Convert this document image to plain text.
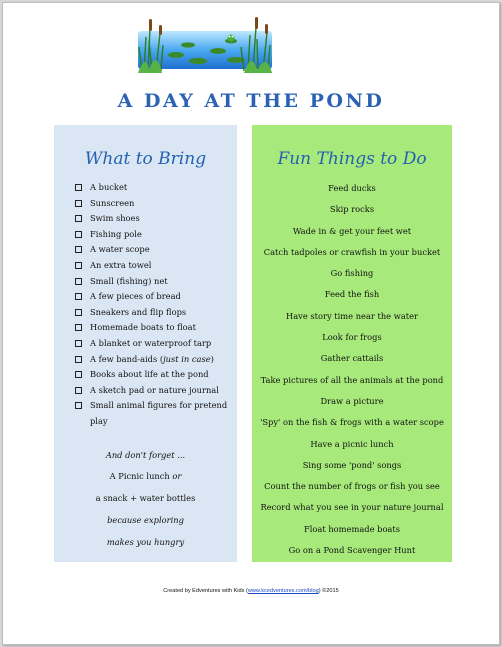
A DAY AT THE POND
What to Bring
A bucket
Sunscreen
Swim shoes
Fishing pole
A water scope
An extra towel
Small (fishing) net
A few pieces of bread
Sneakers and flip flops
Homemade boats to float
A blanket or waterproof tarp
A few band-aids (just in case)
Books about life at the pond
A sketch pad or nature journal
Small animal figures for pretend play
And don't forget ...
A Picnic lunch or
a snack + water bottles
because exploring
makes you hungry
Fun Things to Do
Feed ducks
Skip rocks
Wade in & get your feet wet
Catch tadpoles or crawfish in your bucket
Go fishing
Feed the fish
Have story time near the water
Look for frogs
Gather cattails
Take pictures of all the animals at the pond
Draw a picture
'Spy' on the fish & frogs with a water scope
Have a picnic lunch
Sing some 'pond' songs
Count the number of frogs or fish you see
Record what you see in your nature journal
Float homemade boats
Go on a Pond Scavenger Hunt
Created by Edventures with Kids (www.kcedventures.com/blog) ©2015
